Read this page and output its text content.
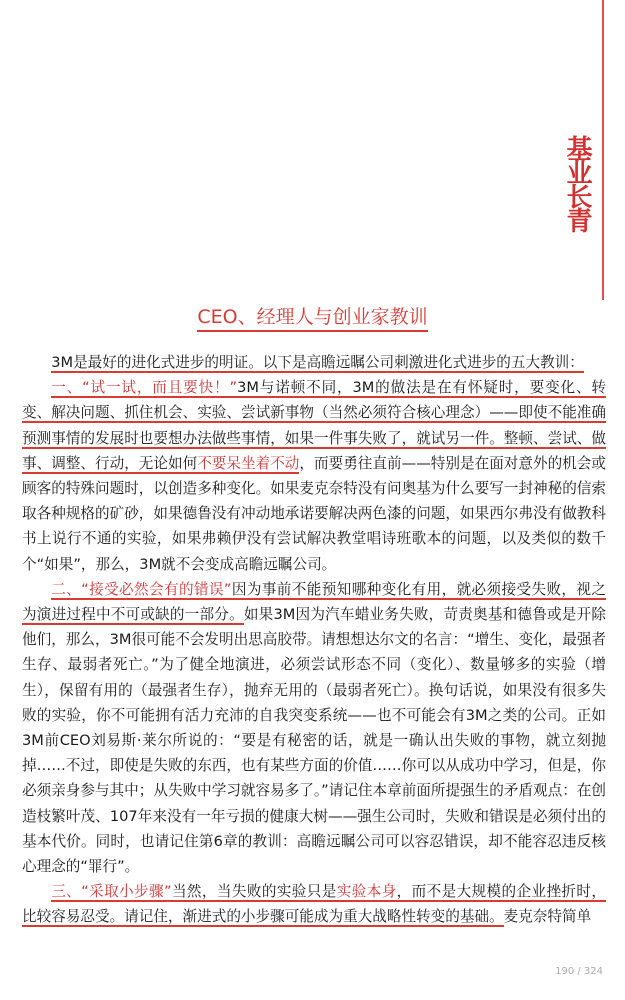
基业长青
CEO、经理人与创业家教训

3M是最好的进化式进步的明证。以下是高瞻远瞩公司刺激进化式进步的五大教训：

一、“试一试，而且要快！”3M与诺顿不同，3M的做法是在有怀疑时，要变化、转变、解决问题、抓住机会、实验、尝试新事物（当然必须符合核心理念）——即使不能准确预测事情的发展时也要想办法做些事情，如果一件事失败了，就试另一件。整顿、尝试、做事、调整、行动，无论如何不要呆坐着不动，而要勇往直前——特别是在面对意外的机会或顾客的特殊问题时，以创造多种变化。如果麦克奈特没有问奥基为什么要写一封神秘的信索取各种规格的矿砂，如果德鲁没有冲动地承诺要解决两色漆的问题，如果西尔弗没有做教科书上说行不通的实验，如果弗赖伊没有尝试解决教堂唱诗班歌本的问题，以及类似的数千个“如果”，那么，3M就不会变成高瞻远瞩公司。

二、“接受必然会有的错误”因为事前不能预知哪种变化有用，就必须接受失败，视之为演进过程中不可或缺的一部分。如果3M因为汽车蜡业务失败，苛责奥基和德鲁或是开除他们，那么，3M很可能不会发明出思高胶带。请想想达尔文的名言：“增生、变化，最强者生存、最弱者死亡。”为了健全地演进，必须尝试形态不同（变化）、数量够多的实验（增生），保留有用的（最强者生存），抛弃无用的（最弱者死亡）。换句话说，如果没有很多失败的实验，你不可能拥有活力充沛的自我突变系统——也不可能会有3M之类的公司。正如3M前CEO刘易斯·莱尔所说的：“要是有秘密的话，就是一确认出失败的事物，就立刻抛掉……不过，即使是失败的东西，也有某些方面的价值……你可以从成功中学习，但是，你必须亲身参与其中；从失败中学习就容易多了。”请记住本章前面所提强生的矛盾观点：在创造枝繁叶茂、107年来没有一年亏损的健康大树——强生公司时，失败和错误是必须付出的基本代价。同时，也请记住第6章的教训：高瞻远瞩公司可以容忍错误，却不能容忍违反核心理念的“罪行”。

三、“采取小步骤”当然，当失败的实验只是实验本身，而不是大规模的企业挫折时，比较容易忍受。请记住，渐进式的小步骤可能成为重大战略性转变的基础。麦克奈特简单

190 / 324
